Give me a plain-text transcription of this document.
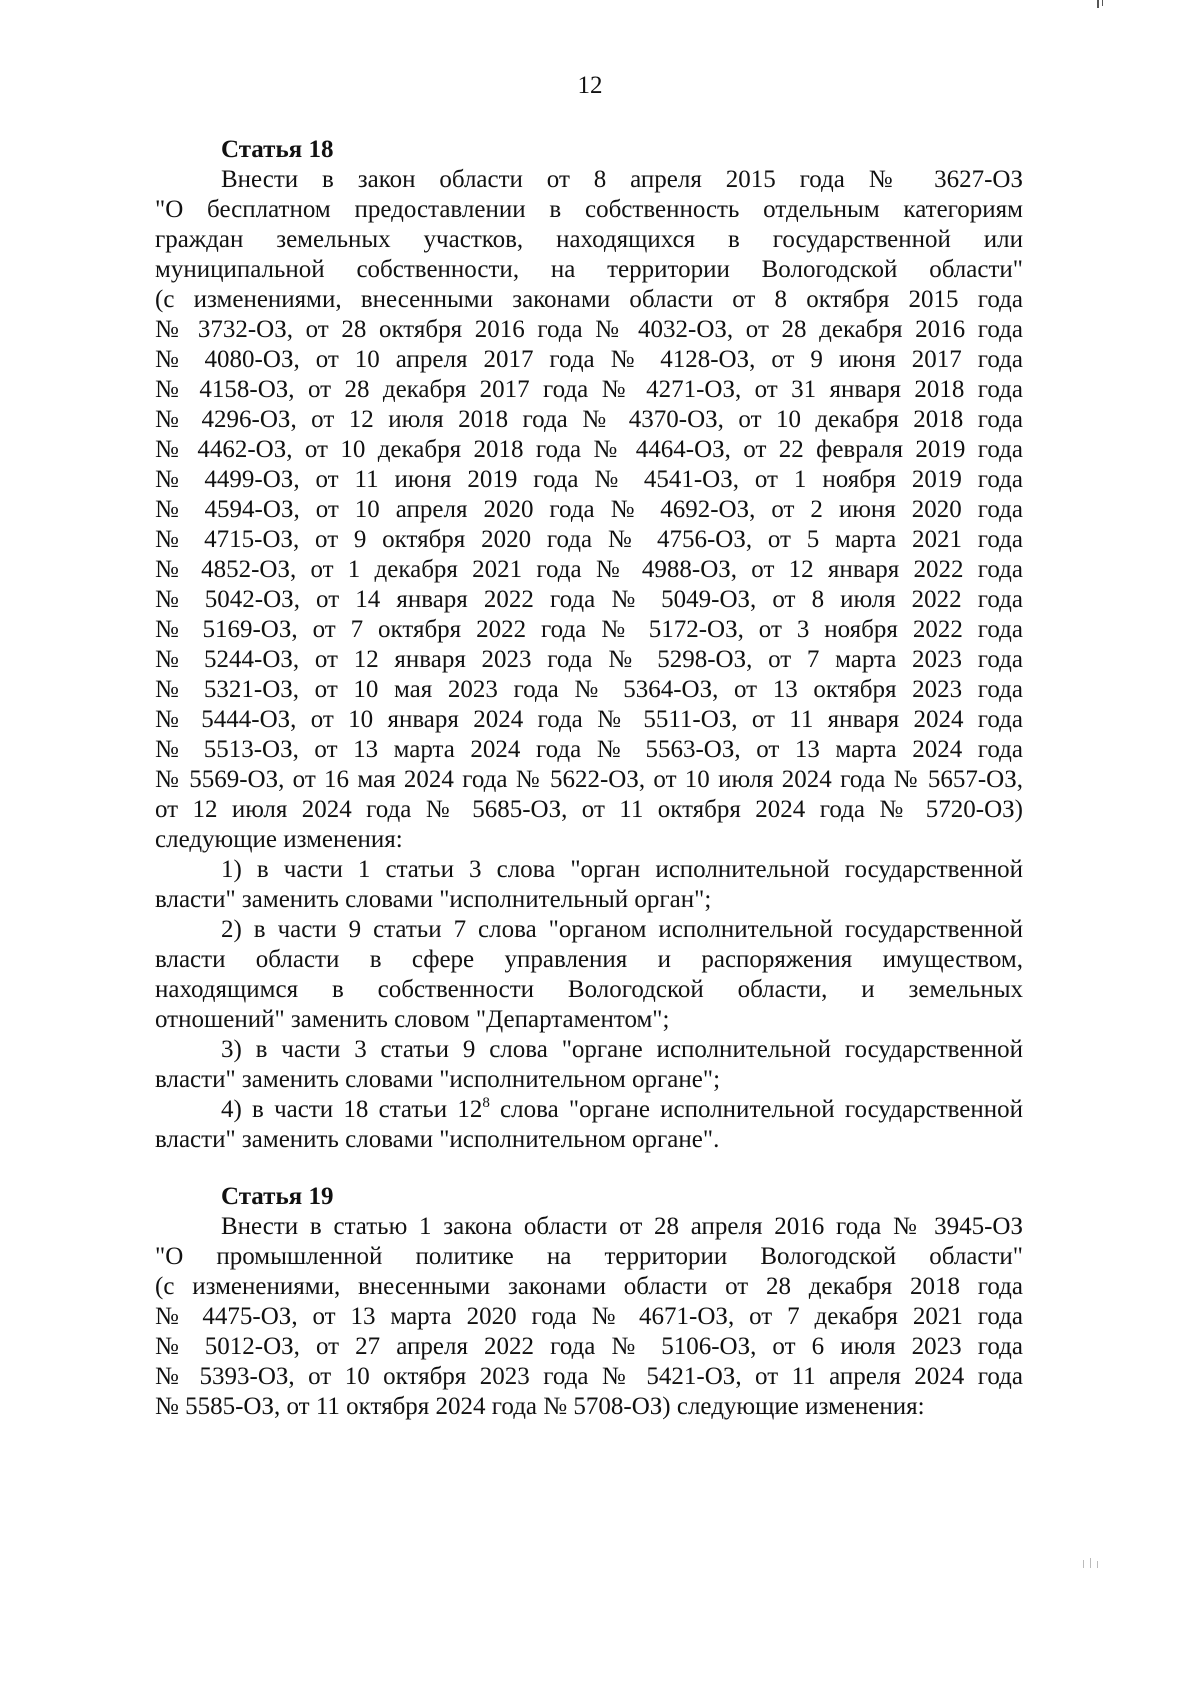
12

Статья 18

Внести в закон области от 8 апреля 2015 года № 3627-ОЗ
"О бесплатном предоставлении в собственность отдельным категориям
граждан земельных участков, находящихся в государственной или
муниципальной собственности, на территории Вологодской области"
(с изменениями, внесенными законами области от 8 октября 2015 года
№ 3732-ОЗ, от 28 октября 2016 года № 4032-ОЗ, от 28 декабря 2016 года
№ 4080-ОЗ, от 10 апреля 2017 года № 4128-ОЗ, от 9 июня 2017 года
№ 4158-ОЗ, от 28 декабря 2017 года № 4271-ОЗ, от 31 января 2018 года
№ 4296-ОЗ, от 12 июля 2018 года № 4370-ОЗ, от 10 декабря 2018 года
№ 4462-ОЗ, от 10 декабря 2018 года № 4464-ОЗ, от 22 февраля 2019 года
№ 4499-ОЗ, от 11 июня 2019 года № 4541-ОЗ, от 1 ноября 2019 года
№ 4594-ОЗ, от 10 апреля 2020 года № 4692-ОЗ, от 2 июня 2020 года
№ 4715-ОЗ, от 9 октября 2020 года № 4756-ОЗ, от 5 марта 2021 года
№ 4852-ОЗ, от 1 декабря 2021 года № 4988-ОЗ, от 12 января 2022 года
№ 5042-ОЗ, от 14 января 2022 года № 5049-ОЗ, от 8 июля 2022 года
№ 5169-ОЗ, от 7 октября 2022 года № 5172-ОЗ, от 3 ноября 2022 года
№ 5244-ОЗ, от 12 января 2023 года № 5298-ОЗ, от 7 марта 2023 года
№ 5321-ОЗ, от 10 мая 2023 года № 5364-ОЗ, от 13 октября 2023 года
№ 5444-ОЗ, от 10 января 2024 года № 5511-ОЗ, от 11 января 2024 года
№ 5513-ОЗ, от 13 марта 2024 года № 5563-ОЗ, от 13 марта 2024 года
№ 5569-ОЗ, от 16 мая 2024 года № 5622-ОЗ, от 10 июля 2024 года № 5657-ОЗ,
от 12 июля 2024 года № 5685-ОЗ, от 11 октября 2024 года № 5720-ОЗ)
следующие изменения:
1) в части 1 статьи 3 слова "орган исполнительной государственной
власти" заменить словами "исполнительный орган";
2) в части 9 статьи 7 слова "органом исполнительной государственной
власти области в сфере управления и распоряжения имуществом,
находящимся в собственности Вологодской области, и земельных
отношений" заменить словом "Департаментом";
3) в части 3 статьи 9 слова "органе исполнительной государственной
власти" заменить словами "исполнительном органе";
4) в части 18 статьи $12^8$ слова "органе исполнительной государственной
власти" заменить словами "исполнительном органе".

Статья 19

Внести в статью 1 закона области от 28 апреля 2016 года № 3945-ОЗ
"О промышленной политике на территории Вологодской области"
(с изменениями, внесенными законами области от 28 декабря 2018 года
№ 4475-ОЗ, от 13 марта 2020 года № 4671-ОЗ, от 7 декабря 2021 года
№ 5012-ОЗ, от 27 апреля 2022 года № 5106-ОЗ, от 6 июля 2023 года
№ 5393-ОЗ, от 10 октября 2023 года № 5421-ОЗ, от 11 апреля 2024 года
№ 5585-ОЗ, от 11 октября 2024 года № 5708-ОЗ) следующие изменения:
